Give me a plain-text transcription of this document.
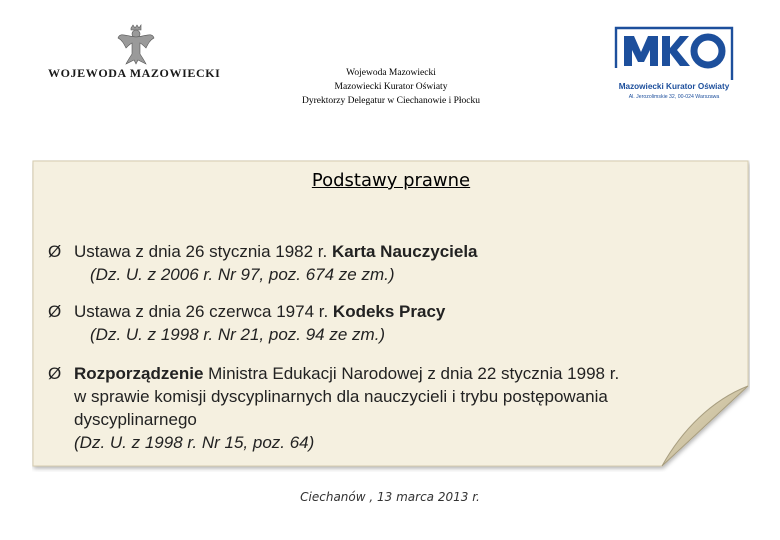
WOJEWODA MAZOWIECKI	Wojewoda Mazowiecki
Mazowiecki Kurator Oświaty
Dyrektorzy Delegatur w Ciechanowie i Płocku
Mazowiecki Kurator Oświaty
Al. Jerozolimskie 32, 00-024 Warszawa
Podstawy prawne
Ø Ustawa z dnia 26 stycznia 1982 r. Karta Nauczyciela
(Dz. U. z 2006 r. Nr 97, poz. 674 ze zm.)
Ø Ustawa z dnia 26 czerwca 1974 r. Kodeks Pracy
(Dz. U. z 1998 r. Nr 21, poz. 94 ze zm.)
Ø Rozporządzenie Ministra Edukacji Narodowej z dnia 22 stycznia 1998 r.
w sprawie komisji dyscyplinarnych dla nauczycieli i trybu postępowania
dyscyplinarnego
(Dz. U. z 1998 r. Nr 15, poz. 64)
Ciechanów , 13 marca 2013 r.
